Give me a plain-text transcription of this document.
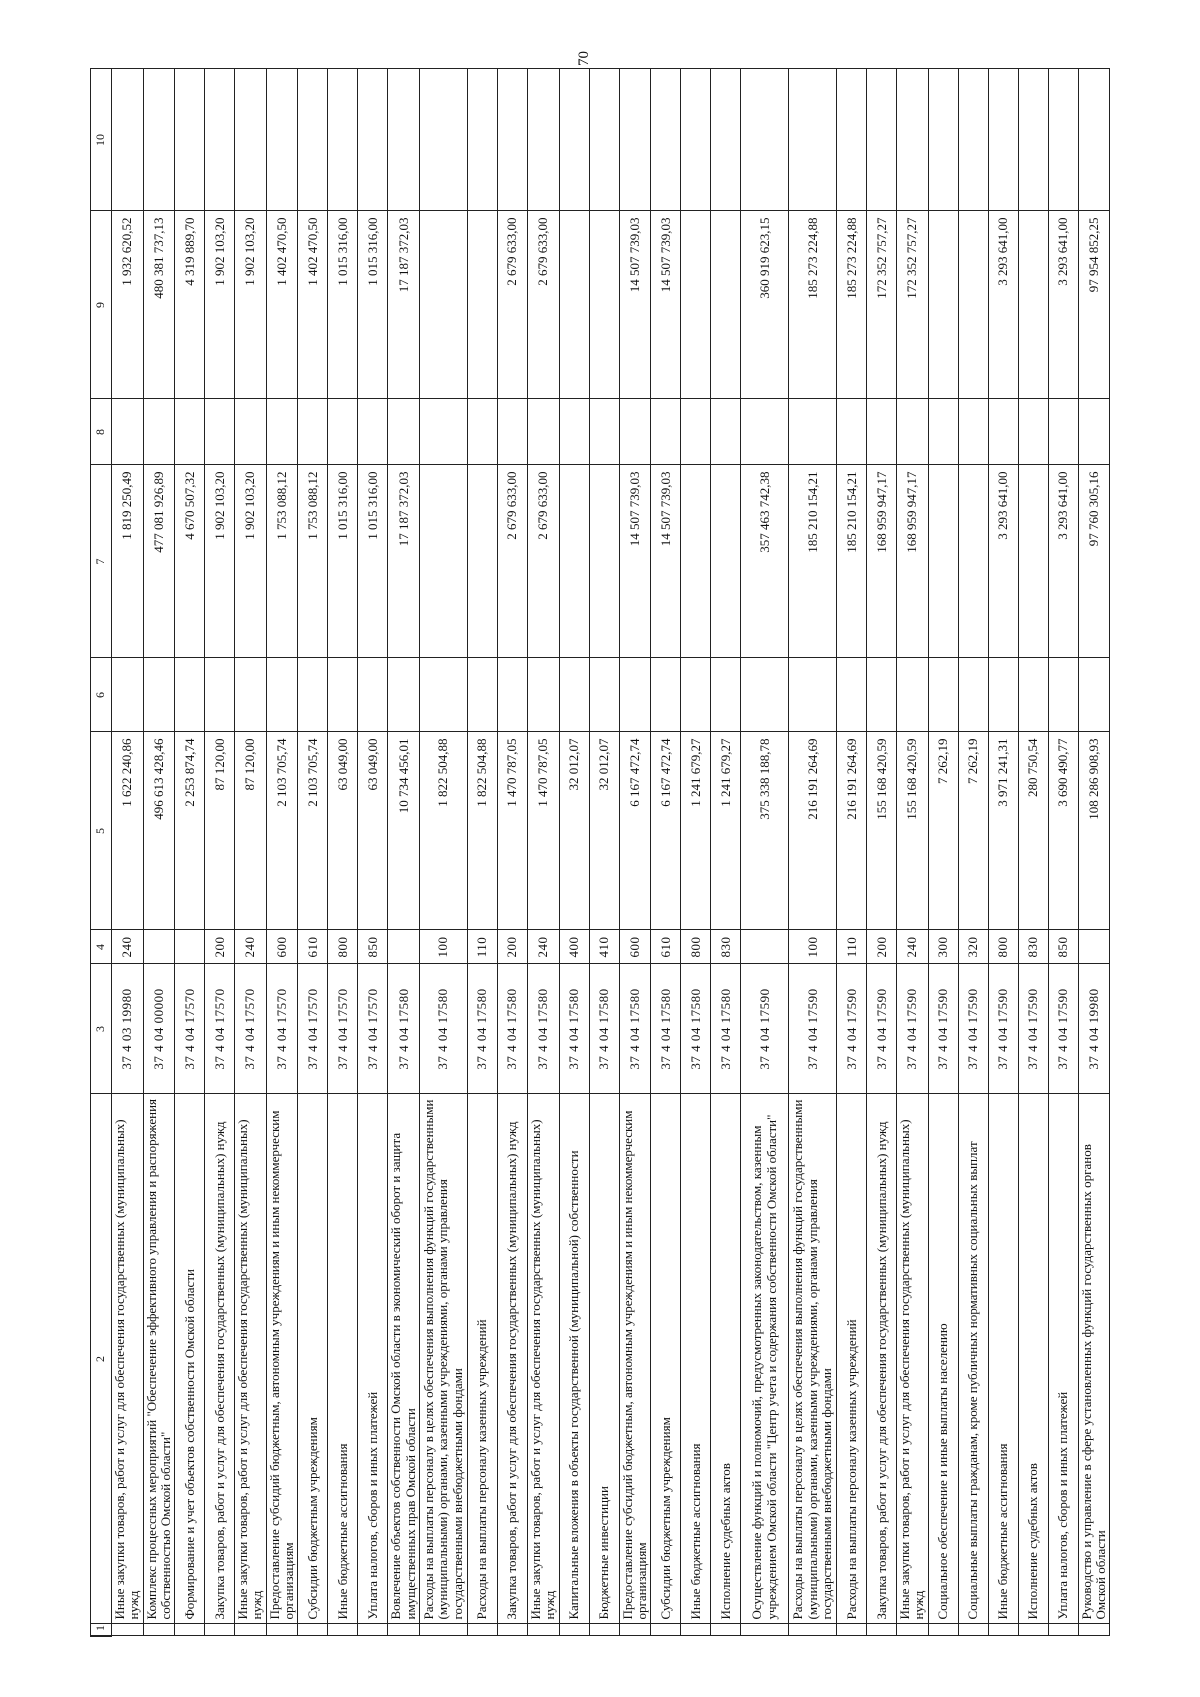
70
1	2	3	4	5	6	7	8	9	10
	Иные закупки товаров, работ и услуг для обеспечения государственных (муниципальных) нужд	37 4 03 19980	240	1 622 240,86		1 819 250,49		1 932 620,52	
	Комплекс процессных мероприятий "Обеспечение эффективного управления и распоряжения собственностью Омской области"	37 4 04 00000		496 613 428,46		477 081 926,89		480 381 737,13	
	Формирование и учет объектов собственности Омской области	37 4 04 17570		2 253 874,74		4 670 507,32		4 319 889,70	
	Закупка товаров, работ и услуг для обеспечения государственных (муниципальных) нужд	37 4 04 17570	200	87 120,00		1 902 103,20		1 902 103,20	
	Иные закупки товаров, работ и услуг для обеспечения государственных (муниципальных) нужд	37 4 04 17570	240	87 120,00		1 902 103,20		1 902 103,20	
	Предоставление субсидий бюджетным, автономным учреждениям и иным некоммерческим организациям	37 4 04 17570	600	2 103 705,74		1 753 088,12		1 402 470,50	
	Субсидии бюджетным учреждениям	37 4 04 17570	610	2 103 705,74		1 753 088,12		1 402 470,50	
	Иные бюджетные ассигнования	37 4 04 17570	800	63 049,00		1 015 316,00		1 015 316,00	
	Уплата налогов, сборов и иных платежей	37 4 04 17570	850	63 049,00		1 015 316,00		1 015 316,00	
	Вовлечение объектов собственности Омской области в экономический оборот и защита имущественных прав Омской области	37 4 04 17580		10 734 456,01		17 187 372,03		17 187 372,03	
	Расходы на выплаты персоналу в целях обеспечения выполнения функций государственными (муниципальными) органами, казенными учреждениями, органами управления государственными внебюджетными фондами	37 4 04 17580	100	1 822 504,88					
	Расходы на выплаты персоналу казенных учреждений	37 4 04 17580	110	1 822 504,88					
	Закупка товаров, работ и услуг для обеспечения государственных (муниципальных) нужд	37 4 04 17580	200	1 470 787,05		2 679 633,00		2 679 633,00	
	Иные закупки товаров, работ и услуг для обеспечения государственных (муниципальных) нужд	37 4 04 17580	240	1 470 787,05		2 679 633,00		2 679 633,00	
	Капитальные вложения в объекты государственной (муниципальной) собственности	37 4 04 17580	400	32 012,07					
	Бюджетные инвестиции	37 4 04 17580	410	32 012,07					
	Предоставление субсидий бюджетным, автономным учреждениям и иным некоммерческим организациям	37 4 04 17580	600	6 167 472,74		14 507 739,03		14 507 739,03	
	Субсидии бюджетным учреждениям	37 4 04 17580	610	6 167 472,74		14 507 739,03		14 507 739,03	
	Иные бюджетные ассигнования	37 4 04 17580	800	1 241 679,27					
	Исполнение судебных актов	37 4 04 17580	830	1 241 679,27					
	Осуществление функций и полномочий, предусмотренных законодательством, казенным учреждением Омской области "Центр учета и содержания собственности Омской области"	37 4 04 17590		375 338 188,78		357 463 742,38		360 919 623,15	
	Расходы на выплаты персоналу в целях обеспечения выполнения функций государственными (муниципальными) органами, казенными учреждениями, органами управления государственными внебюджетными фондами	37 4 04 17590	100	216 191 264,69		185 210 154,21		185 273 224,88	
	Расходы на выплаты персоналу казенных учреждений	37 4 04 17590	110	216 191 264,69		185 210 154,21		185 273 224,88	
	Закупка товаров, работ и услуг для обеспечения государственных (муниципальных) нужд	37 4 04 17590	200	155 168 420,59		168 959 947,17		172 352 757,27	
	Иные закупки товаров, работ и услуг для обеспечения государственных (муниципальных) нужд	37 4 04 17590	240	155 168 420,59		168 959 947,17		172 352 757,27	
	Социальное обеспечение и иные выплаты населению	37 4 04 17590	300	7 262,19					
	Социальные выплаты гражданам, кроме публичных нормативных социальных выплат	37 4 04 17590	320	7 262,19					
	Иные бюджетные ассигнования	37 4 04 17590	800	3 971 241,31		3 293 641,00		3 293 641,00	
	Исполнение судебных актов	37 4 04 17590	830	280 750,54					
	Уплата налогов, сборов и иных платежей	37 4 04 17590	850	3 690 490,77		3 293 641,00		3 293 641,00	
	Руководство и управление в сфере установленных функций государственных органов Омской области	37 4 04 19980		108 286 908,93		97 760 305,16		97 954 852,25	
